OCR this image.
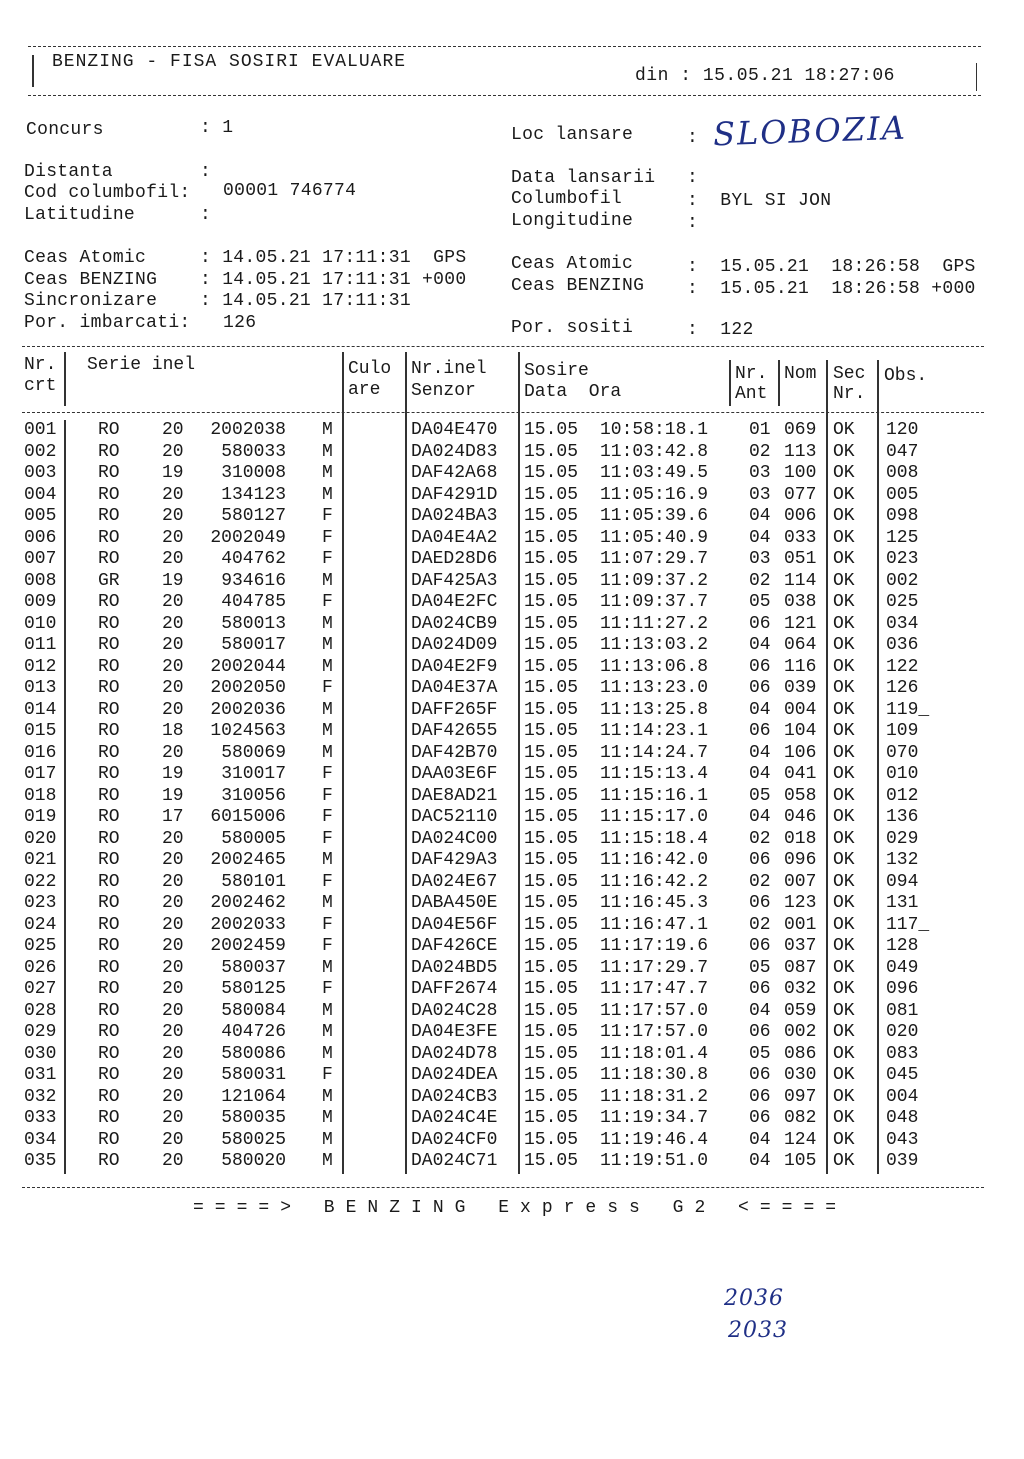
BENZING - FISA SOSIRI EVALUARE
din : 15.05.21 18:27:06
Concurs	: 1	Loc lansare	: SLOBOZIA
Distanta	:
Cod columbofil: 00001 746774
Latitudine	:
Data lansarii :
Columbofil	:  BYL SI JON
Longitudine	:
Ceas Atomic	: 14.05.21 17:11:31  GPS
Ceas BENZING : 14.05.21 17:11:31 +000
Sincronizare : 14.05.21 17:11:31
Por. imbarcati: 126
Ceas Atomic	:  15.05.21  18:26:58  GPS
Ceas BENZING :  15.05.21  18:26:58 +000
Por. sositi	:  122
Nr.
crt
Serie inel	Culo
are
Nr.inel
Senzor
Sosire
Data  Ora
Nr.
Ant
Nom Sec
Nr.
Obs.
001 RO 20	2002038 M	DA04E470 15.05 10:58:18.1 01 069 OK 120
002 RO 20	580033 M	DA024D83 15.05 11:03:42.8 02 113 OK 047
003 RO 19	310008 M	DAF42A68 15.05 11:03:49.5 03 100 OK 008
004 RO 20	134123 M	DAF4291D 15.05 11:05:16.9 03 077 OK 005
005 RO 20	580127 F	DA024BA3 15.05 11:05:39.6 04 006 OK 098
006 RO 20	2002049 F	DA04E4A2 15.05 11:05:40.9 04 033 OK 125
007 RO 20	404762 F	DAED28D6 15.05 11:07:29.7 03 051 OK 023
008 GR 19	934616 M	DAF425A3 15.05 11:09:37.2 02 114 OK 002
009 RO 20	404785 F	DA04E2FC 15.05 11:09:37.7 05 038 OK 025
010 RO 20	580013 M	DA024CB9 15.05 11:11:27.2 06 121 OK 034
011 RO 20	580017 M	DA024D09 15.05 11:13:03.2 04 064 OK 036
012 RO 20	2002044 M	DA04E2F9 15.05 11:13:06.8 06 116 OK 122
013 RO 20	2002050 F	DA04E37A 15.05 11:13:23.0 06 039 OK 126
014 RO 20	2002036 M	DAFF265F 15.05 11:13:25.8 04 004 OK 119_
015 RO 18	1024563 M	DAF42655 15.05 11:14:23.1 06 104 OK 109
016 RO 20	580069 M	DAF42B70 15.05 11:14:24.7 04 106 OK 070
017 RO 19	310017 F	DAA03E6F 15.05 11:15:13.4 04 041 OK 010
018 RO 19	310056 F	DAE8AD21 15.05 11:15:16.1 05 058 OK 012
019 RO 17	6015006 F	DAC52110 15.05 11:15:17.0 04 046 OK 136
020 RO 20	580005 F	DA024C00 15.05 11:15:18.4 02 018 OK 029
021 RO 20	2002465 M	DAF429A3 15.05 11:16:42.0 06 096 OK 132
022 RO 20	580101 F	DA024E67 15.05 11:16:42.2 02 007 OK 094
023 RO 20	2002462 M	DABA450E 15.05 11:16:45.3 06 123 OK 131
024 RO 20	2002033 F	DA04E56F 15.05 11:16:47.1 02 001 OK 117_
025 RO 20	2002459 F	DAF426CE 15.05 11:17:19.6 06 037 OK 128
026 RO 20	580037 M	DA024BD5 15.05 11:17:29.7 05 087 OK 049
027 RO 20	580125 F	DAFF2674 15.05 11:17:47.7 06 032 OK 096
028 RO 20	580084 M	DA024C28 15.05 11:17:57.0 04 059 OK 081
029 RO 20	404726 M	DA04E3FE 15.05 11:17:57.0 06 002 OK 020
030 RO 20	580086 M	DA024D78 15.05 11:18:01.4 05 086 OK 083
031 RO 20	580031 F	DA024DEA 15.05 11:18:30.8 06 030 OK 045
032 RO 20	121064 M	DA024CB3 15.05 11:18:31.2 06 097 OK 004
033 RO 20	580035 M	DA024C4E 15.05 11:19:34.7 06 082 OK 048
034 RO 20	580025 M	DA024CF0 15.05 11:19:46.4 04 124 OK 043
035 RO 20	580020 M	DA024C71 15.05 11:19:51.0 04 105 OK 039
====> BENZING Express G2 <====
2036
2033
